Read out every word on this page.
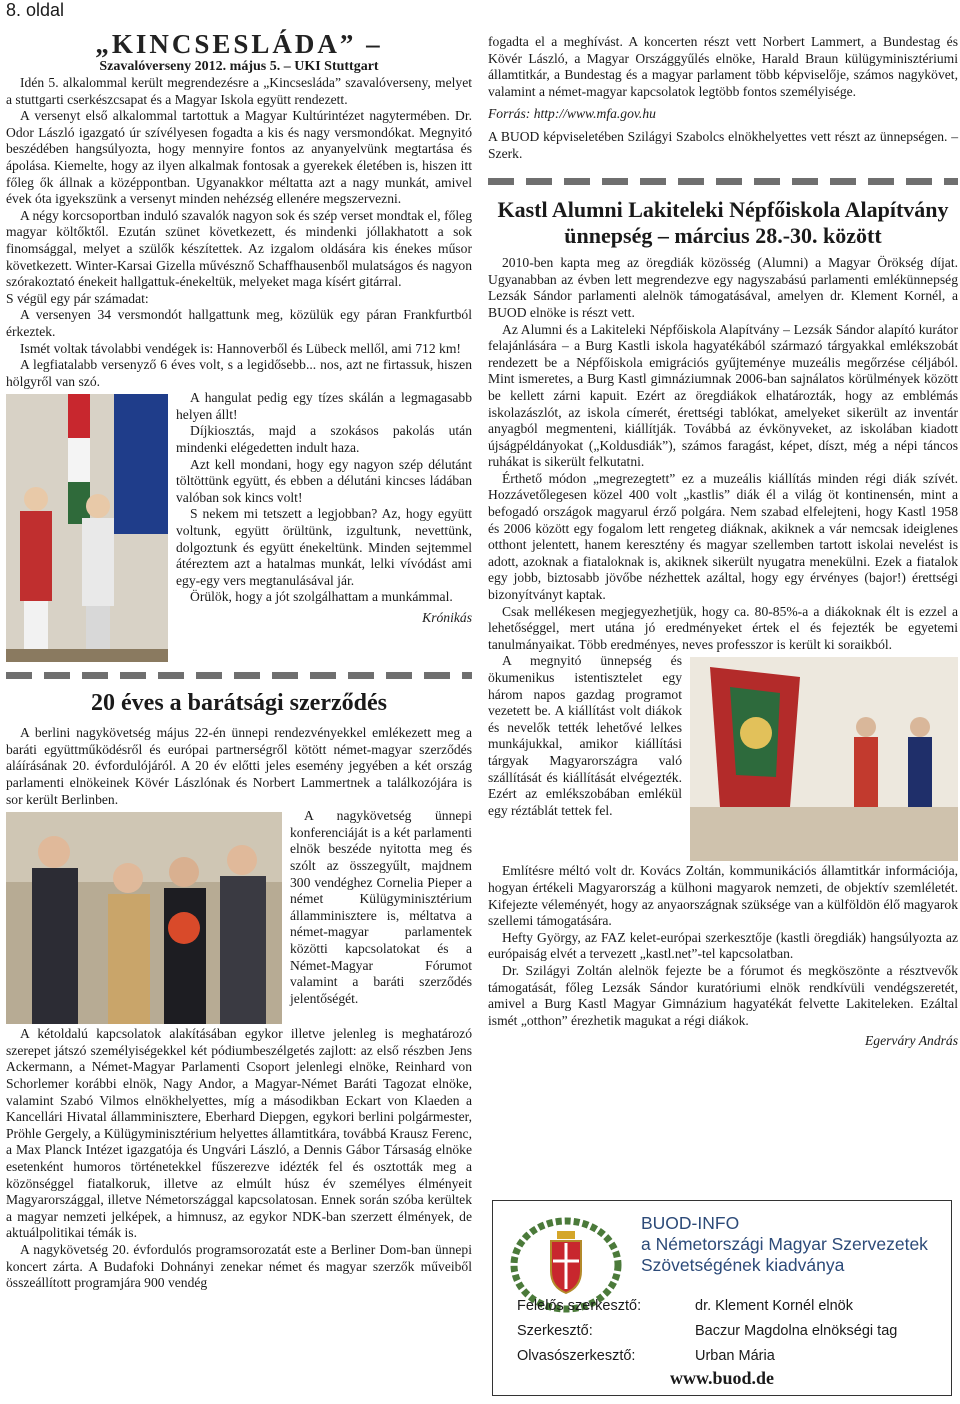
8. oldal
„KINCSESLÁDA” –
Szavalóverseny 2012. május 5. – UKI Stuttgart

Idén 5. alkalommal került megrendezésre a „Kincsesláda” szavalóverseny, melyet a stuttgarti cserkészcsapat és a Magyar Iskola együtt rendezett.

A versenyt első alkalommal tartottuk a Magyar Kultúrintézet nagytermében. Dr. Odor László igazgató úr szívélyesen fogadta a kis és nagy versmondókat. Megnyitó beszédében hangsúlyozta, hogy mennyire fontos az anyanyelvünk megtartása és ápolása. Kiemelte, hogy az ilyen alkalmak fontosak a gyerekek életében is, hiszen itt főleg ők állnak a középpontban. Ugyanakkor méltatta azt a nagy munkát, amivel évek óta igyekszünk a versenyt minden nehézség ellenére megszervezni.

A négy korcsoportban induló szavalók nagyon sok és szép verset mondtak el, főleg magyar költőktől. Ezután szünet következett, és mindenki jóllakhatott a sok finomsággal, melyet a szülők készítettek. Az izgalom oldására kis énekes műsor következett. Winter-Karsai Gizella művésznő Schaffhausenből mulatságos és nagyon szórakoztató énekeit hallgattuk-énekeltük, melyeket maga kísért gitárral.

S végül egy pár számadat:

A versenyen 34 versmondót hallgattunk meg, közülük egy páran Frankfurtból érkeztek.

Ismét voltak távolabbi vendégek is: Hannoverből és Lübeck mellől, ami 712 km!

A legfiatalabb versenyző 6 éves volt, s a legidősebb... nos, azt ne firtassuk, hiszen hölgyről van szó.

A hangulat pedig egy tízes skálán a legmagasabb helyen állt!

Díjkiosztás, majd a szokásos pakolás után mindenki elégedetten indult haza.

Azt kell mondani, hogy egy nagyon szép délutánt töltöttünk együtt, és ebben a délutáni kincses ládában valóban sok kincs volt!

S nekem mi tetszett a legjobban? Az, hogy együtt voltunk, együtt örültünk, izgultunk, nevettünk, dolgoztunk és együtt énekeltünk. Minden sejtemmel átéreztem azt a hatalmas munkát, lelki vívódást ami egy-egy vers megtanulásával jár.

Örülök, hogy a jót szolgálhattam a munkámmal.

Krónikás
20 éves a barátsági szerződés

A berlini nagykövetség május 22-én ünnepi rendezvényekkel emlékezett meg a baráti együttműködésről és európai partnerségről kötött német-magyar szerződés aláírásának 20. évfordulójáról. A 20 év előtti jeles esemény jegyében a két ország parlamenti elnökeinek Kövér Lászlónak és Norbert Lammertnek a találkozójára is sor került Berlinben.

A nagykövetség ünnepi konferenciáját is a két parlamenti elnök beszéde nyitotta meg és szólt az összegyűlt, majdnem 300 vendéghez Cornelia Pieper a német Külügyminisztérium államminisztere is, méltatva a német-magyar parlamentek közötti kapcsolatokat és a Német-Magyar Fórumot valamint a baráti szerződés jelentőségét.

A kétoldalú kapcsolatok alakításában egykor illetve jelenleg is meghatározó szerepet játszó személyiségekkel két pódiumbeszélgetés zajlott: az első részben Jens Ackermann, a Német-Magyar Parlamenti Csoport jelenlegi elnöke, Reinhard von Schorlemer korábbi elnök, Nagy Andor, a Magyar-Német Baráti Tagozat elnöke, valamint Szabó Vilmos elnökhelyettes, míg a másodikban Eckart von Klaeden a Kancellári Hivatal államminisztere, Eberhard Diepgen, egykori berlini polgármester, Pröhle Gergely, a Külügyminisztérium helyettes államtitkára, továbbá Krausz Ferenc, a Max Planck Intézet igazgatója és Ungvári László, a Dennis Gábor Társaság elnöke esetenként humoros történetekkel fűszerezve idézték fel és osztották meg a közönséggel fiatalkoruk, illetve az elmúlt húsz év személyes élményeit Magyarországgal, illetve Németországgal kapcsolatosan. Ennek során szóba kerültek a magyar nemzeti jelképek, a himnusz, az egykor NDK-ban szerzett élmények, de aktuálpolitikai témák is.

A nagykövetség 20. évfordulós programsorozatát este a Berliner Dom-ban ünnepi koncert zárta. A Budafoki Dohnányi zenekar német és magyar szerzők műveiből összeállított programjára 900 vendég

fogadta el a meghívást. A koncerten részt vett Norbert Lammert, a Bundestag és Kövér László, a Magyar Országgyűlés elnöke, Harald Braun külügyminisztériumi államtitkár, a Bundestag és a magyar parlament több képviselője, számos nagykövet, valamint a német-magyar kapcsolatok legtöbb fontos személyisége.

Forrás: http://www.mfa.gov.hu

A BUOD képviseletében Szilágyi Szabolcs elnökhelyettes vett részt az ünnepségen. – Szerk.

Kastl Alumni Lakiteleki Népfőiskola Alapítvány ünnepség – március 28.-30. között

2010-ben kapta meg az öregdiák közösség (Alumni) a Magyar Örökség díjat. Ugyanabban az évben lett megrendezve egy nagyszabású parlamenti emlékünnepség Lezsák Sándor parlamenti alelnök támogatásával, amelyen dr. Klement Kornél, a BUOD elnöke is részt vett.

Az Alumni és a Lakiteleki Népfőiskola Alapítvány – Lezsák Sándor alapító kurátor felajánlására – a Burg Kastli iskola hagyatékából származó tárgyakkal emlékszobát rendezett be a Népfőiskola emigrációs gyűjteménye muzeális megőrzése céljából. Mint ismeretes, a Burg Kastl gimnáziumnak 2006-ban sajnálatos körülmények között be kellett zárni kapuit. Ezért az öregdiákok elhatározták, hogy az emblémás iskolazászlót, az iskola címerét, érettségi tablókat, amelyeket sikerült az inventár anyagból megmenteni, kiállítják. Továbbá az évkönyveket, az iskolában kiadott újságpéldányokat („Koldusdiák”), számos faragást, képet, díszt, még a népi táncos ruhákat is sikerült felkutatni.

Érthető módon „megrezegtett” ez a muzeális kiállítás minden régi diák szívét. Hozzávetőlegesen közel 400 volt „kastlis” diák él a világ öt kontinensén, mint a befogadó országok magyarul érző polgára. Nem szabad elfelejteni, hogy Kastl 1958 és 2006 között egy fogalom lett rengeteg diáknak, akiknek a vár nemcsak ideiglenes otthont jelentett, hanem keresztény és magyar szellemben tartott iskolai nevelést is adott, azoknak a fiataloknak is, akiknek sikerült nyugatra menekülni. Ezek a fiatalok egy jobb, biztosabb jövőbe nézhettek azáltal, hogy egy érvényes (bajor!) érettségi bizonyítványt kaptak.

Csak mellékesen megjegyezhetjük, hogy ca. 80-85%-a a diákoknak élt is ezzel a lehetőséggel, mert utána jó eredményeket értek el és fejezték be egyetemi tanulmányaikat. Több eredményes, neves professzor is került ki soraikból.

A megnyitó ünnepség és ökumenikus istentisztelet egy három napos gazdag programot vezetett be. A kiállítást volt diákok és nevelők tették lehetővé lelkes munkájukkal, amikor kiállítási tárgyak Magyarországra való szállítását és kiállítását elvégezték. Ezért az emlékszobában emlékül egy réztáblát tettek fel.

Említésre méltó volt dr. Kovács Zoltán, kommunikációs államtitkár információja, hogyan értékeli Magyarország a külhoni magyarok nemzeti, de objektív szemléletét. Kifejezte véleményét, hogy az anyaországnak szüksége van a külföldön élő magyarok szellemi támogatására.

Hefty György, az FAZ kelet-európai szerkesztője (kastli öregdiák) hangsúlyozta az európaiság elvét a tervezett „kastl.net”-tel kapcsolatban.

Dr. Szilágyi Zoltán alelnök fejezte be a fórumot és megköszönte a résztvevők támogatását, főleg Lezsák Sándor kuratóriumi elnök rendkívüli vendégszeretét, amivel a Burg Kastl Magyar Gimnázium hagyatékát felvette Lakiteleken. Ezáltal ismét „otthon” érezhetik magukat a régi diákok.

Egerváry András
BUOD-INFO
a Németországi Magyar Szervezetek
Szövetségének kiadványa
Felelős szerkesztő:	dr. Klement Kornél elnök
Szerkesztő:	Baczur Magdolna elnökségi tag
Olvasószerkesztő:	Urban Mária
www.buod.de
